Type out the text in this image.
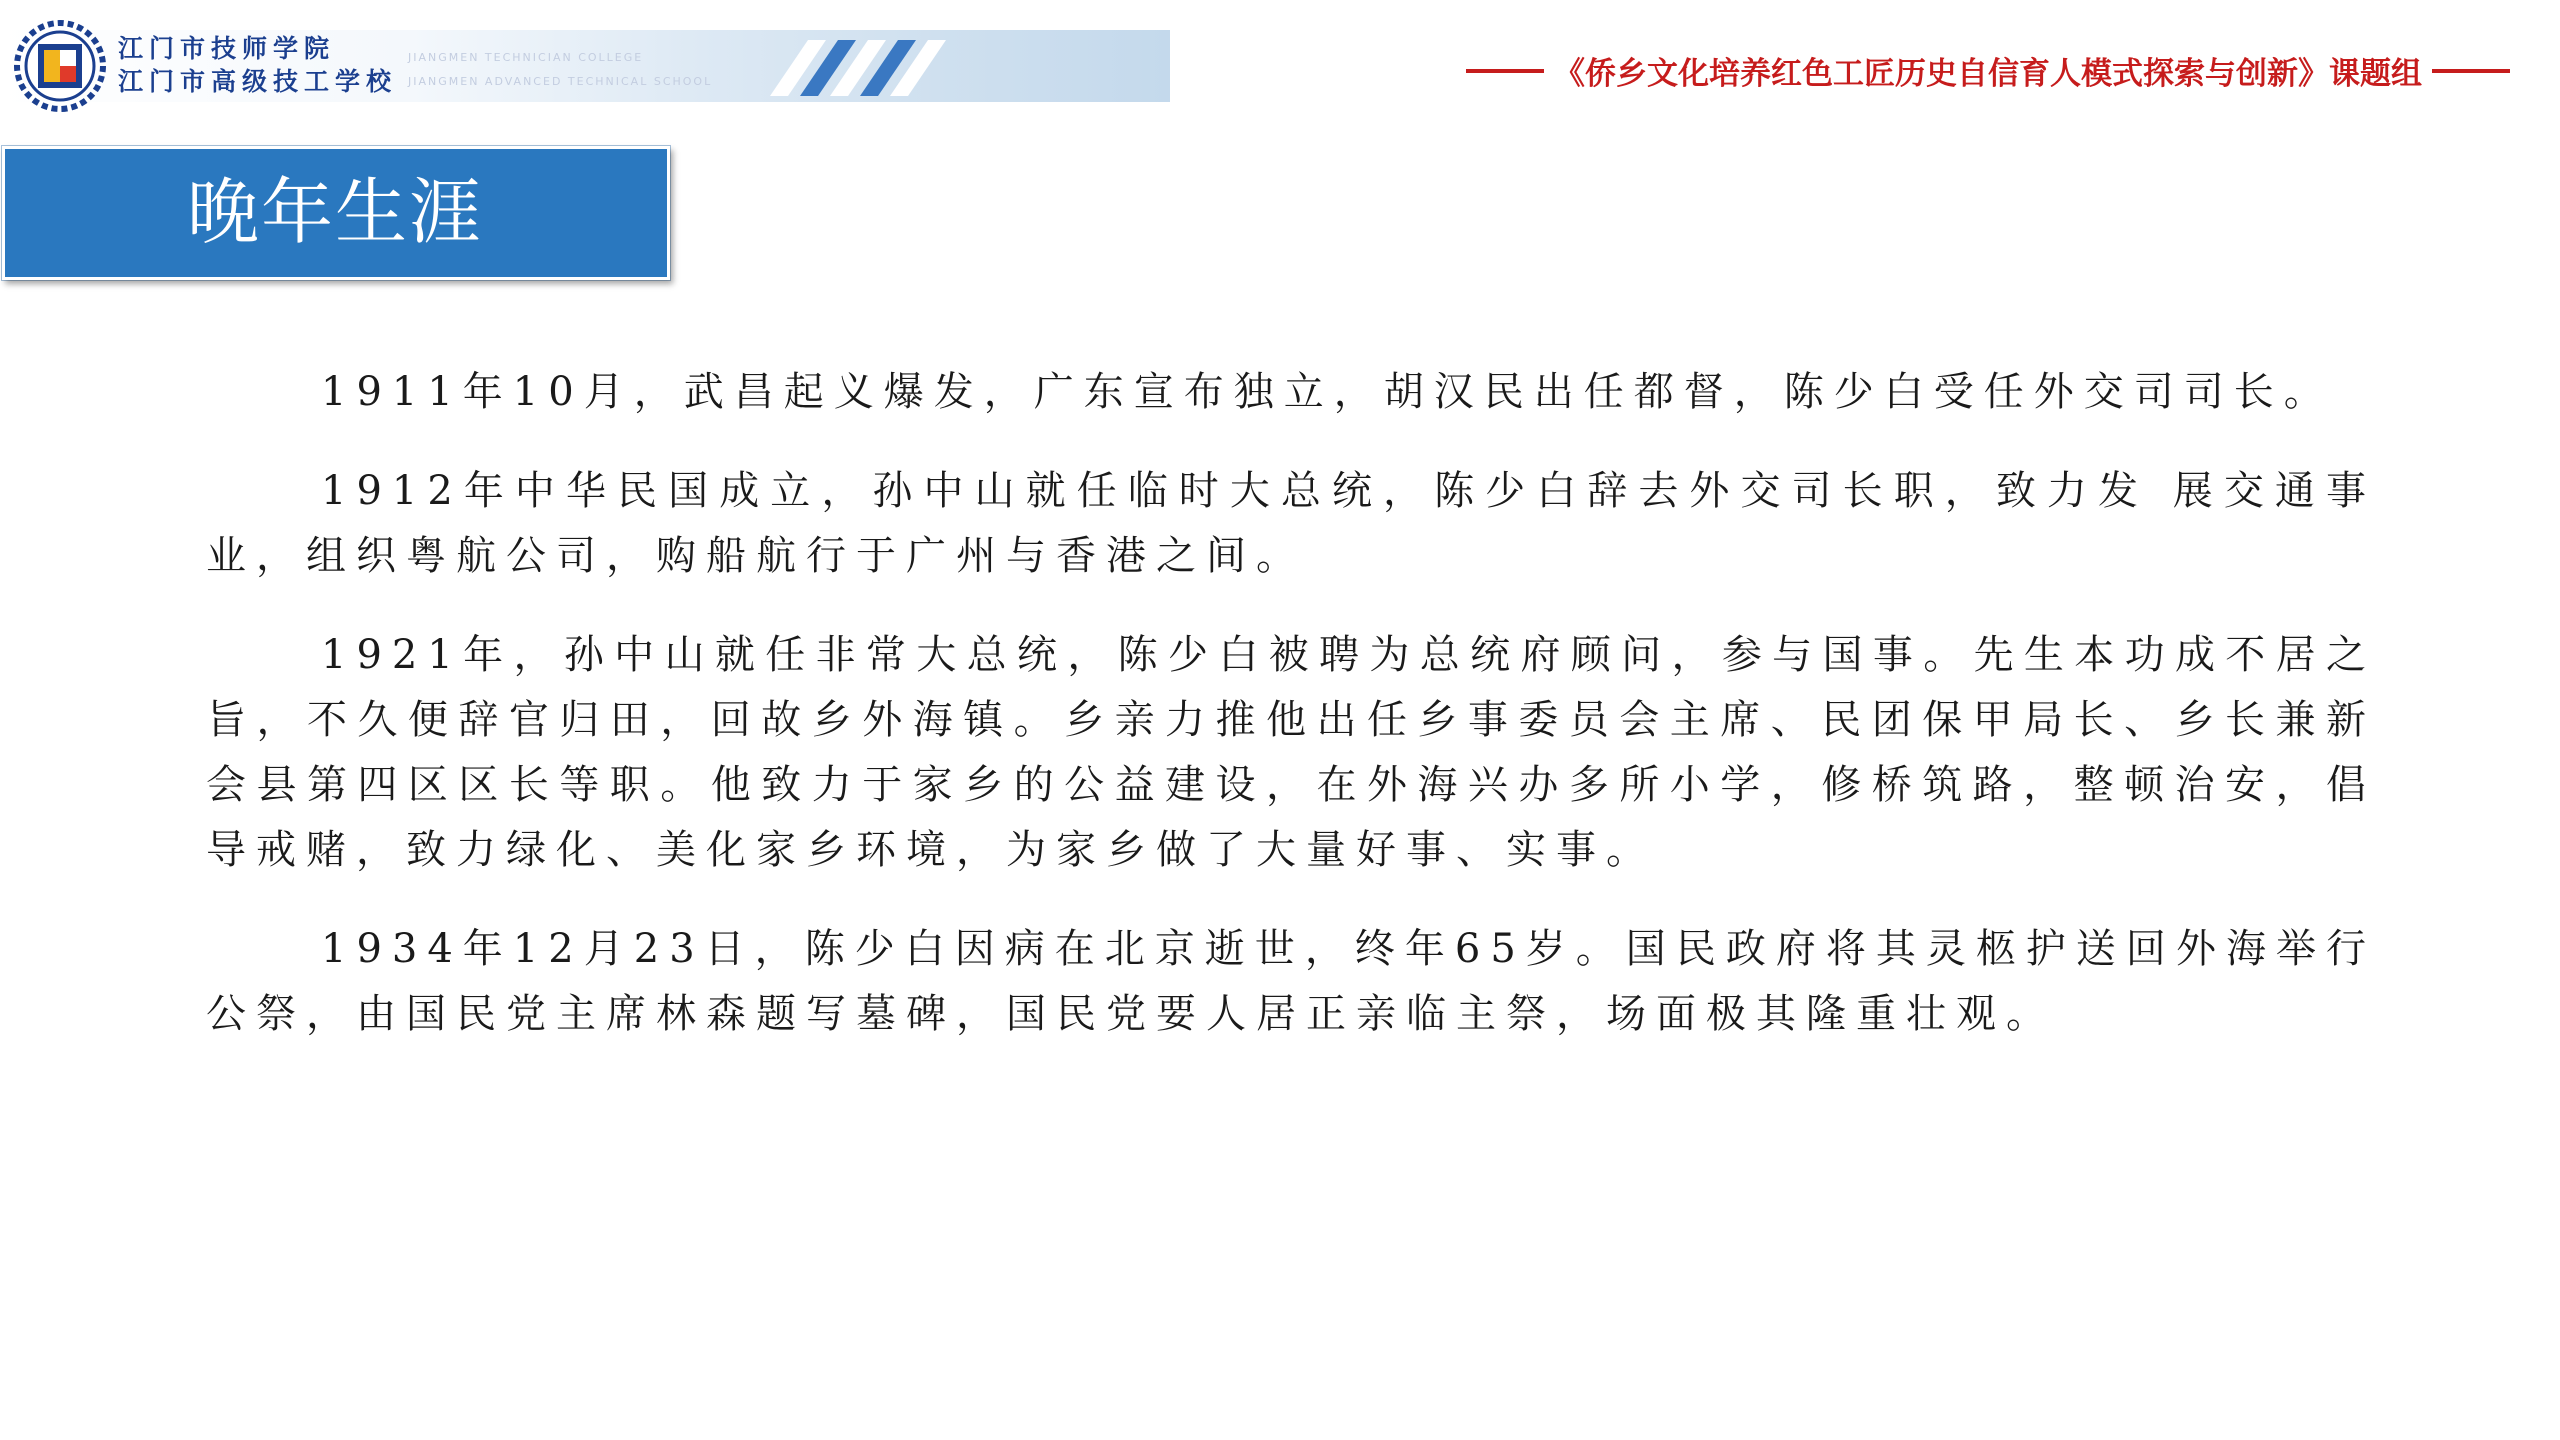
江门市技师学院
江门市高级技工学校
JIANGMEN TECHNICIAN COLLEGE
JIANGMEN ADVANCED TECHNICAL SCHOOL	《侨乡文化培养红色工匠历史自信育人模式探索与创新》课题组
晚年生涯

1911年10月，武昌起义爆发，广东宣布独立，胡汉民出任都督，陈少白受任外交司司长。

1912年中华民国成立，孙中山就任临时大总统，陈少白辞去外交司长职，致力发 展交通事业，组织粤航公司，购船航行于广州与香港之间。

1921年，孙中山就任非常大总统，陈少白被聘为总统府顾问，参与国事。先生本功成不居之旨，不久便辞官归田，回故乡外海镇。乡亲力推他出任乡事委员会主席、民团保甲局长、乡长兼新会县第四区区长等职。他致力于家乡的公益建设，在外海兴办多所小学，修桥筑路，整顿治安，倡导戒赌，致力绿化、美化家乡环境，为家乡做了大量好事、实事。

1934年12月23日，陈少白因病在北京逝世，终年65岁。国民政府将其灵柩护送回外海举行公祭，由国民党主席林森题写墓碑，国民党要人居正亲临主祭，场面极其隆重壮观。
